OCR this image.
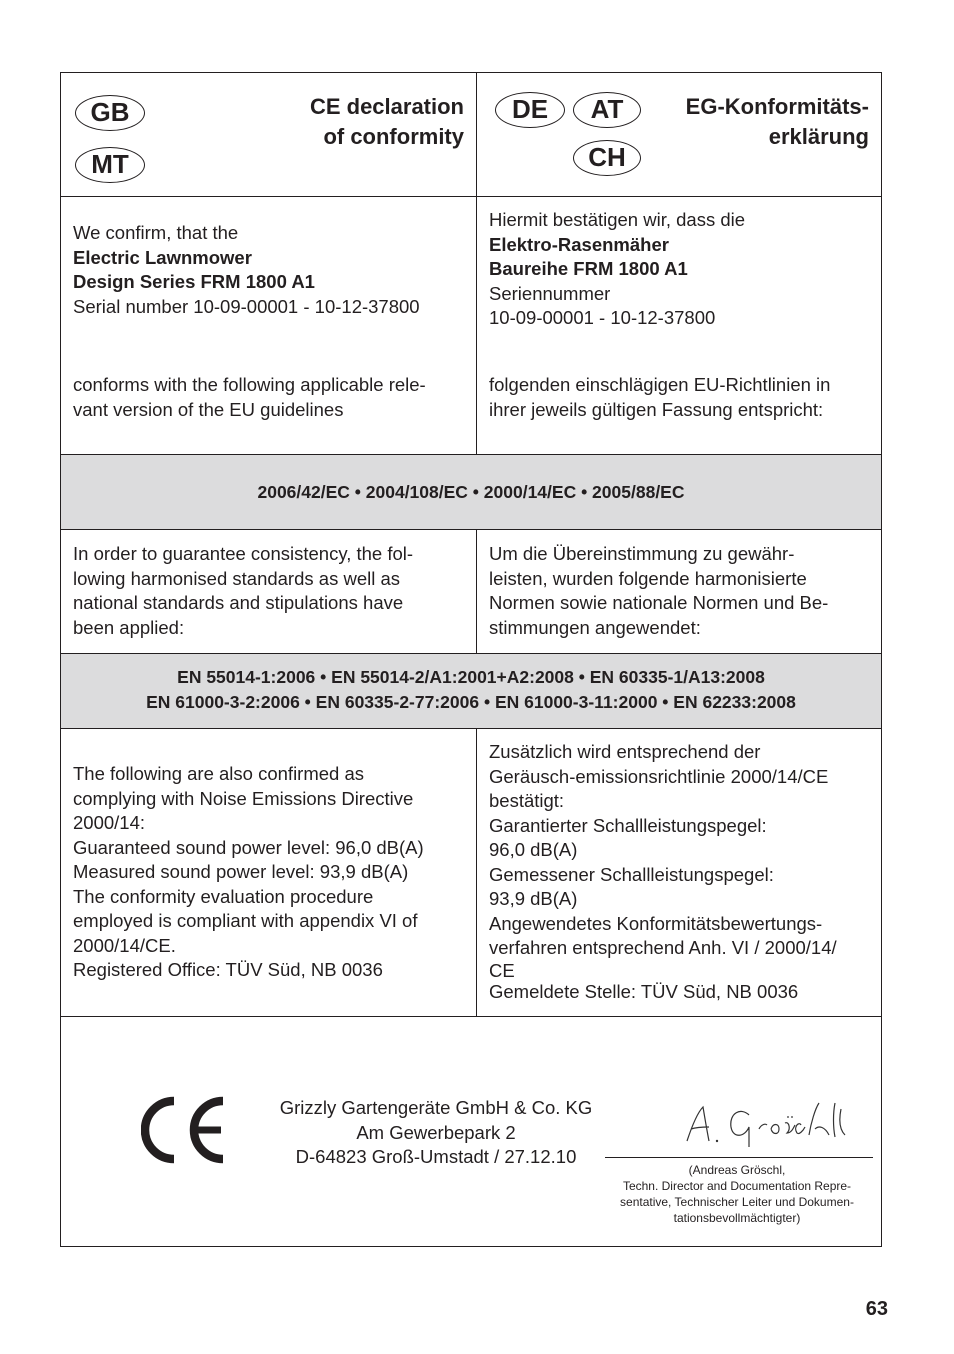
GB
MT
CE declaration
of conformity
DE	AT
CH
EG-Konformitäts-
erklärung
We confirm, that the
Electric Lawnmower
Design Series FRM 1800 A1
Serial number 10-09-00001 - 10-12-37800
conforms with the following applicable rele-
vant version of the EU guidelines
Hiermit bestätigen wir, dass die
Elektro-Rasenmäher
Baureihe FRM 1800 A1
Seriennummer
10-09-00001 - 10-12-37800
folgenden einschlägigen EU-Richtlinien in
ihrer jeweils gültigen Fassung entspricht:
2006/42/EC • 2004/108/EC • 2000/14/EC • 2005/88/EC
In order to guarantee consistency, the fol-
lowing harmonised standards as well as
national standards and stipulations have
been applied:
Um die Übereinstimmung zu gewähr-
leisten, wurden folgende harmonisierte
Normen sowie nationale Normen und Be-
stimmungen angewendet:
EN 55014-1:2006 • EN 55014-2/A1:2001+A2:2008 • EN 60335-1/A13:2008
EN 61000-3-2:2006 • EN 60335-2-77:2006 • EN 61000-3-11:2000 • EN 62233:2008
The following are also confirmed as
complying with Noise Emissions Directive
2000/14:
Guaranteed sound power level: 96,0 dB(A)
Measured sound power level: 93,9 dB(A)
The conformity evaluation procedure
employed is compliant with appendix VI of
2000/14/CE.
Registered Office: TÜV Süd, NB 0036
Zusätzlich wird entsprechend der
Geräusch-emissionsrichtlinie 2000/14/CE
bestätigt:
Garantierter Schallleistungspegel:
96,0 dB(A)
Gemessener Schallleistungspegel:
93,9 dB(A)
Angewendetes Konformitätsbewertungs-
verfahren entsprechend Anh. VI / 2000/14/
CE
Gemeldete Stelle: TÜV Süd, NB 0036
Grizzly Gartengeräte GmbH & Co. KG
Am Gewerbepark 2
D-64823 Groß-Umstadt / 27.12.10
(Andreas Gröschl,
Techn. Director and Documentation Repre-
sentative, Technischer Leiter und Dokumen-
tationsbevollmächtigter)
63
